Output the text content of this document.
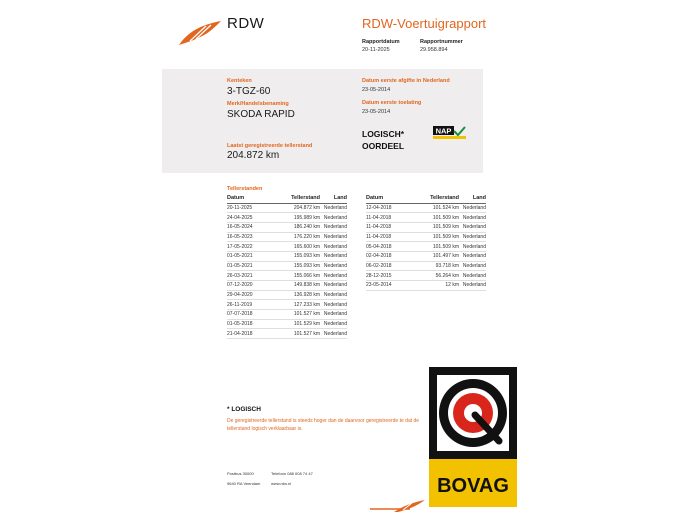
RDW	RDW-Voertuigrapport
Rapportdatum
20-11-2025
Rapportnummer
29.958.894
Kenteken
3-TGZ-60
Merk/Handelsbenaming
SKODA RAPID
Laatst geregistreerde tellerstand
204.872 km
Datum eerste afgifte in Nederland
23-05-2014
Datum eerste toelating
23-05-2014
LOGISCH*
OORDEEL
NAP
Tellerstanden
Datum	Tellerstand	Land
20-11-2025	204.872 km	Nederland
24-04-2025	195.989 km	Nederland
16-05-2024	186.240 km	Nederland
16-05-2023	176.220 km	Nederland
17-05-2022	165.600 km	Nederland
01-05-2021	155.093 km	Nederland
01-05-2021	155.093 km	Nederland
26-03-2021	155.066 km	Nederland
07-12-2020	149.838 km	Nederland
29-04-2020	136.928 km	Nederland
26-11-2019	127.233 km	Nederland
07-07-2018	101.527 km	Nederland
01-05-2018	101.529 km	Nederland
21-04-2018	101.527 km	Nederland
Datum	Tellerstand	Land
12-04-2018	101.524 km	Nederland
11-04-2018	101.509 km	Nederland
11-04-2018	101.509 km	Nederland
11-04-2018	101.509 km	Nederland
05-04-2018	101.509 km	Nederland
02-04-2018	101.497 km	Nederland
06-02-2018	93.718 km	Nederland
28-12-2015	56.264 km	Nederland
23-05-2014	12 km	Nederland
* LOGISCH
De geregistreerde tellerstand is steeds hoger dan de daarvoor geregistreerde te dat de tellerstand logisch verklaarbaar is.
Postbus 30000
9640 RA Veendam
Telefoon 088 008 74 47
www.rdw.nl	BOVAG
